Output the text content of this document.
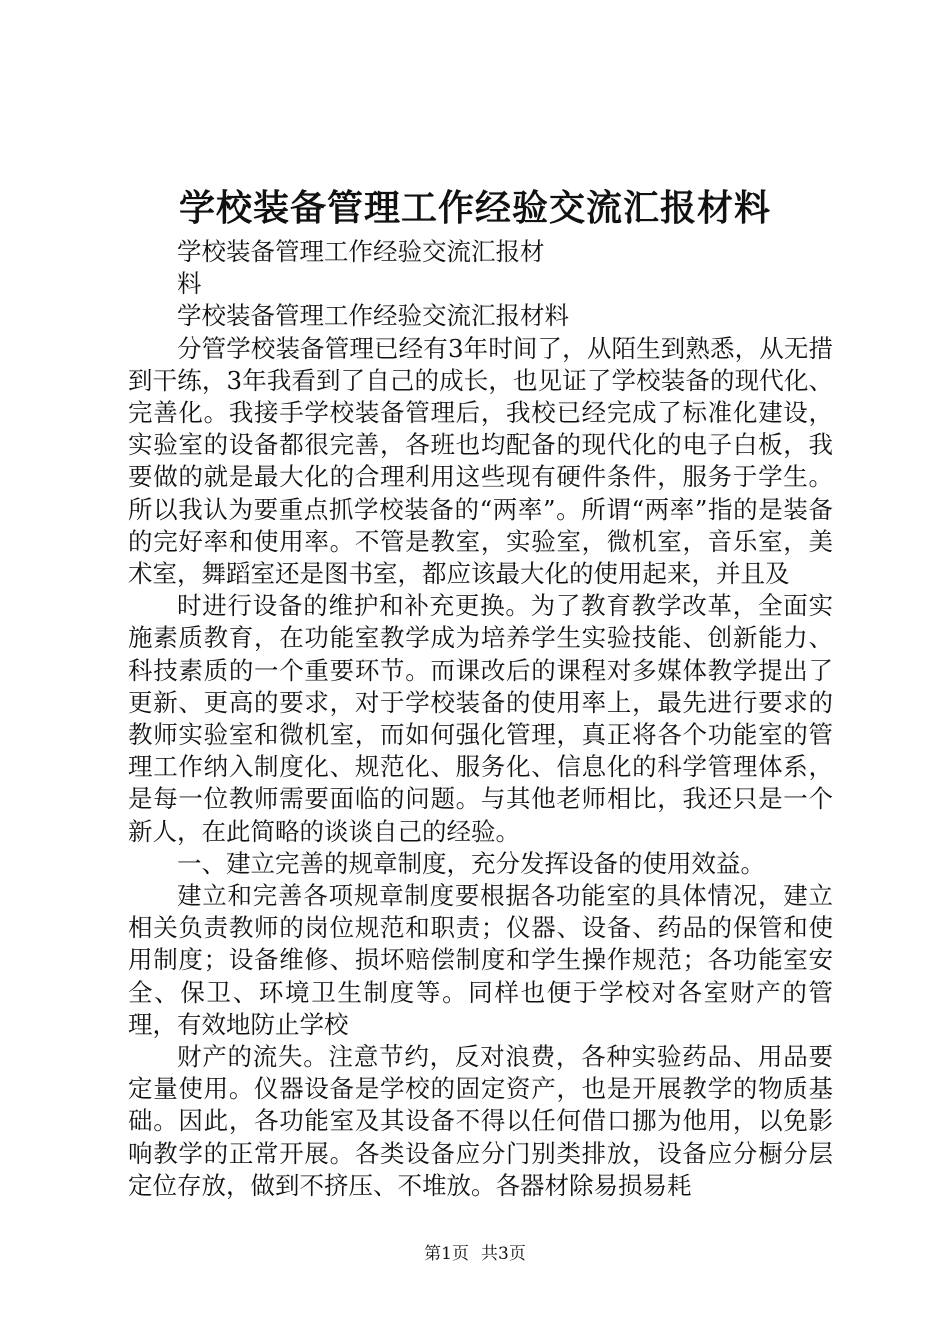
学校装备管理工作经验交流汇报材料

学校装备管理工作经验交流汇报材料

学校装备管理工作经验交流汇报材料

分管学校装备管理已经有3年时间了，从陌生到熟悉，从无措到干练，3年我看到了自己的成长，也见证了学校装备的现代化、完善化。我接手学校装备管理后，我校已经完成了标准化建设，实验室的设备都很完善，各班也均配备的现代化的电子白板，我要做的就是最大化的合理利用这些现有硬件条件，服务于学生。所以我认为要重点抓学校装备的“两率”。所谓“两率”指的是装备的完好率和使用率。不管是教室，实验室，微机室，音乐室，美术室，舞蹈室还是图书室，都应该最大化的使用起来，并且及

时进行设备的维护和补充更换。为了教育教学改革，全面实施素质教育，在功能室教学成为培养学生实验技能、创新能力、科技素质的一个重要环节。而课改后的课程对多媒体教学提出了更新、更高的要求，对于学校装备的使用率上，最先进行要求的教师实验室和微机室，而如何强化管理，真正将各个功能室的管理工作纳入制度化、规范化、服务化、信息化的科学管理体系，是每一位教师需要面临的问题。与其他老师相比，我还只是一个新人，在此简略的谈谈自己的经验。

一、建立完善的规章制度，充分发挥设备的使用效益。

建立和完善各项规章制度要根据各功能室的具体情况，建立相关负责教师的岗位规范和职责；仪器、设备、药品的保管和使用制度；设备维修、损坏赔偿制度和学生操作规范；各功能室安全、保卫、环境卫生制度等。同样也便于学校对各室财产的管理，有效地防止学校

财产的流失。注意节约，反对浪费，各种实验药品、用品要定量使用。仪器设备是学校的固定资产，也是开展教学的物质基础。因此，各功能室及其设备不得以任何借口挪为他用，以免影响教学的正常开展。各类设备应分门别类排放，设备应分橱分层定位存放，做到不挤压、不堆放。各器材除易损易耗

第1页 共3页
